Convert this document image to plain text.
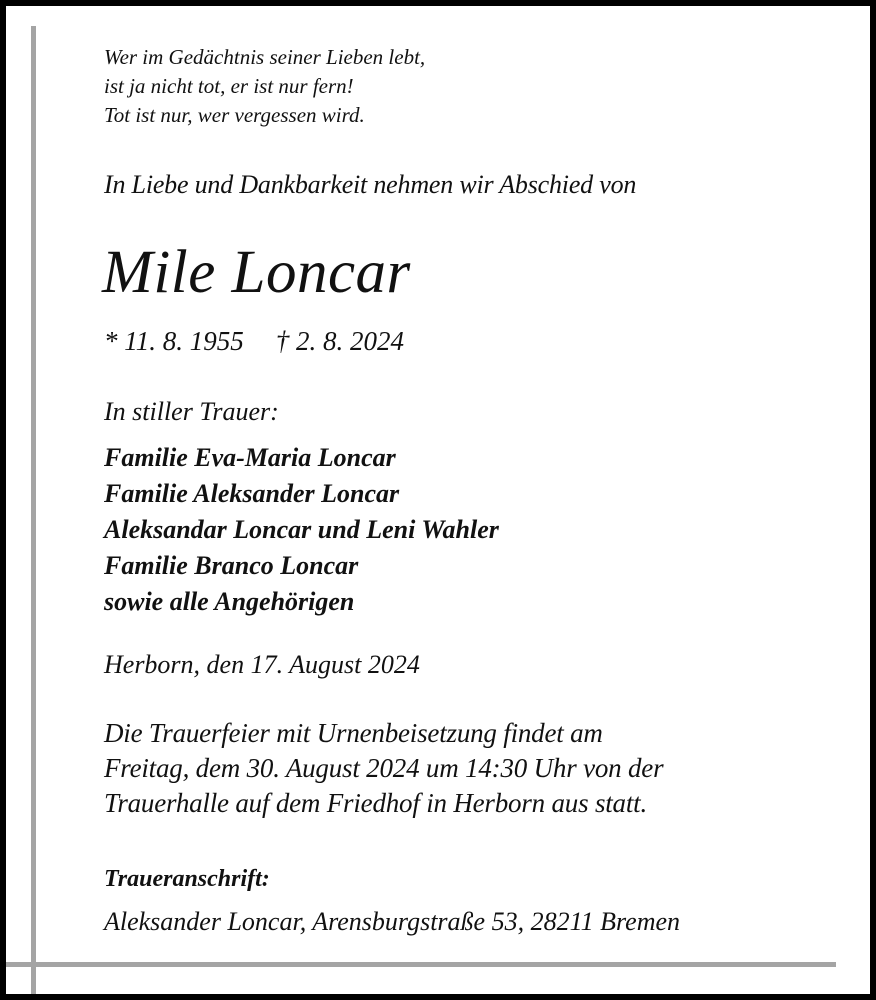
Wer im Gedächtnis seiner Lieben lebt,
ist ja nicht tot, er ist nur fern!
Tot ist nur, wer vergessen wird.
In Liebe und Dankbarkeit nehmen wir Abschied von
Mile Loncar
* 11. 8. 1955 † 2. 8. 2024
In stiller Trauer:
Familie Eva-Maria Loncar
Familie Aleksander Loncar
Aleksandar Loncar und Leni Wahler
Familie Branco Loncar
sowie alle Angehörigen
Herborn, den 17. August 2024
Die Trauerfeier mit Urnenbeisetzung findet am
Freitag, dem 30. August 2024 um 14:30 Uhr von der
Trauerhalle auf dem Friedhof in Herborn aus statt.
Traueranschrift:
Aleksander Loncar, Arensburgstraße 53, 28211 Bremen
